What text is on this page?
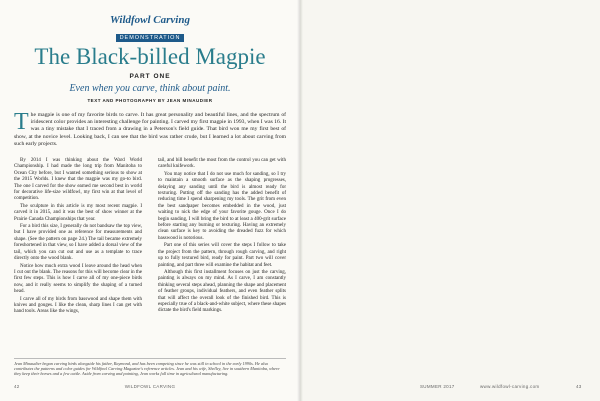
Wildfowl Carving
DEMONSTRATION
The Black-billed Magpie
PART ONE
Even when you carve, think about paint.
TEXT AND PHOTOGRAPHY BY JEAN MINAUDIER
The magpie is one of my favorite birds to carve. It has great personality and beautiful lines, and the spectrum of iridescent color provides an interesting challenge for painting. I carved my first magpie in 1993, when I was 16. It was a tiny mistake that I traced from a drawing in a Peterson's field guide. That bird won me my first best of show, at the novice level. Looking back, I can see that the bird was rather crude, but I learned a lot about carving from such early projects.

By 2014 I was thinking about the Ward World Championship. I had made the long trip from Manitoba to Ocean City before, but I wanted something serious to show at the 2015 Worlds. I knew that the magpie was my go-to bird. The one I carved for the show earned me second best in world for decorative life-size wildfowl, my first win at that level of competition.

The sculpture in this article is my most recent magpie. I carved it in 2015, and it was the best of show winner at the Prairie Canada Championships that year.

For a bird this size, I generally do not bandsaw the top view, but I have provided one as reference for measurements and shape. (See the pattern on page 24.) The tail became extremely foreshortened in that view, so I have added a dorsal view of the tail, which you can cut out and use as a template to trace directly onto the wood blank.

Notice how much extra wood I leave around the head when I cut out the blank. The reasons for this will become clear in the first few steps. This is how I carve all of my one-piece birds now, and it really seems to simplify the shaping of a turned head.

I carve all of my birds from basswood and shape them with knives and gouges. I like the clean, sharp lines I can get with hand tools. Areas like the wings,

tail, and bill benefit the most from the control you can get with careful knifework.

You may notice that I do not use much for sanding, so I try to maintain a smooth surface as the shaping progresses, delaying any sanding until the bird is almost ready for texturing. Putting off the sanding has the added benefit of reducing time I spend sharpening my tools. The grit from even the best sandpaper becomes embedded in the wood, just waiting to nick the edge of your favorite gouge. Once I do begin sanding, I will bring the bird to at least a 400-grit surface before starting any burning or texturing. Having an extremely clean surface is key to avoiding the dreaded fuzz for which basswood is notorious.

Part one of this series will cover the steps I follow to take the project from the pattern, through rough carving, and right up to fully textured bird, ready for paint. Part two will cover painting, and part three will examine the habitat and feet.

Although this first installment focuses on just the carving, painting is always on my mind. As I carve, I am constantly thinking several steps ahead, planning the shape and placement of feather groups, individual feathers, and even feather splits that will affect the overall look of the finished bird. This is especially true of a black-and-white subject, where these shapes dictate the bird's field markings.

Jean Minaudier began carving birds alongside his father, Raymond, and has been competing since he was still in school in the early 1990s. He also contributes the patterns and color guides for Wildfowl Carving Magazine's reference articles. Jean and his wife, Shelley, live in southern Manitoba, where they keep their horses and a few cattle. Aside from carving and painting, Jean works full time in agricultural manufacturing.
42	WILDFOWL CARVING	SUMMER 2017	www.wildfowl-carving.com	43
